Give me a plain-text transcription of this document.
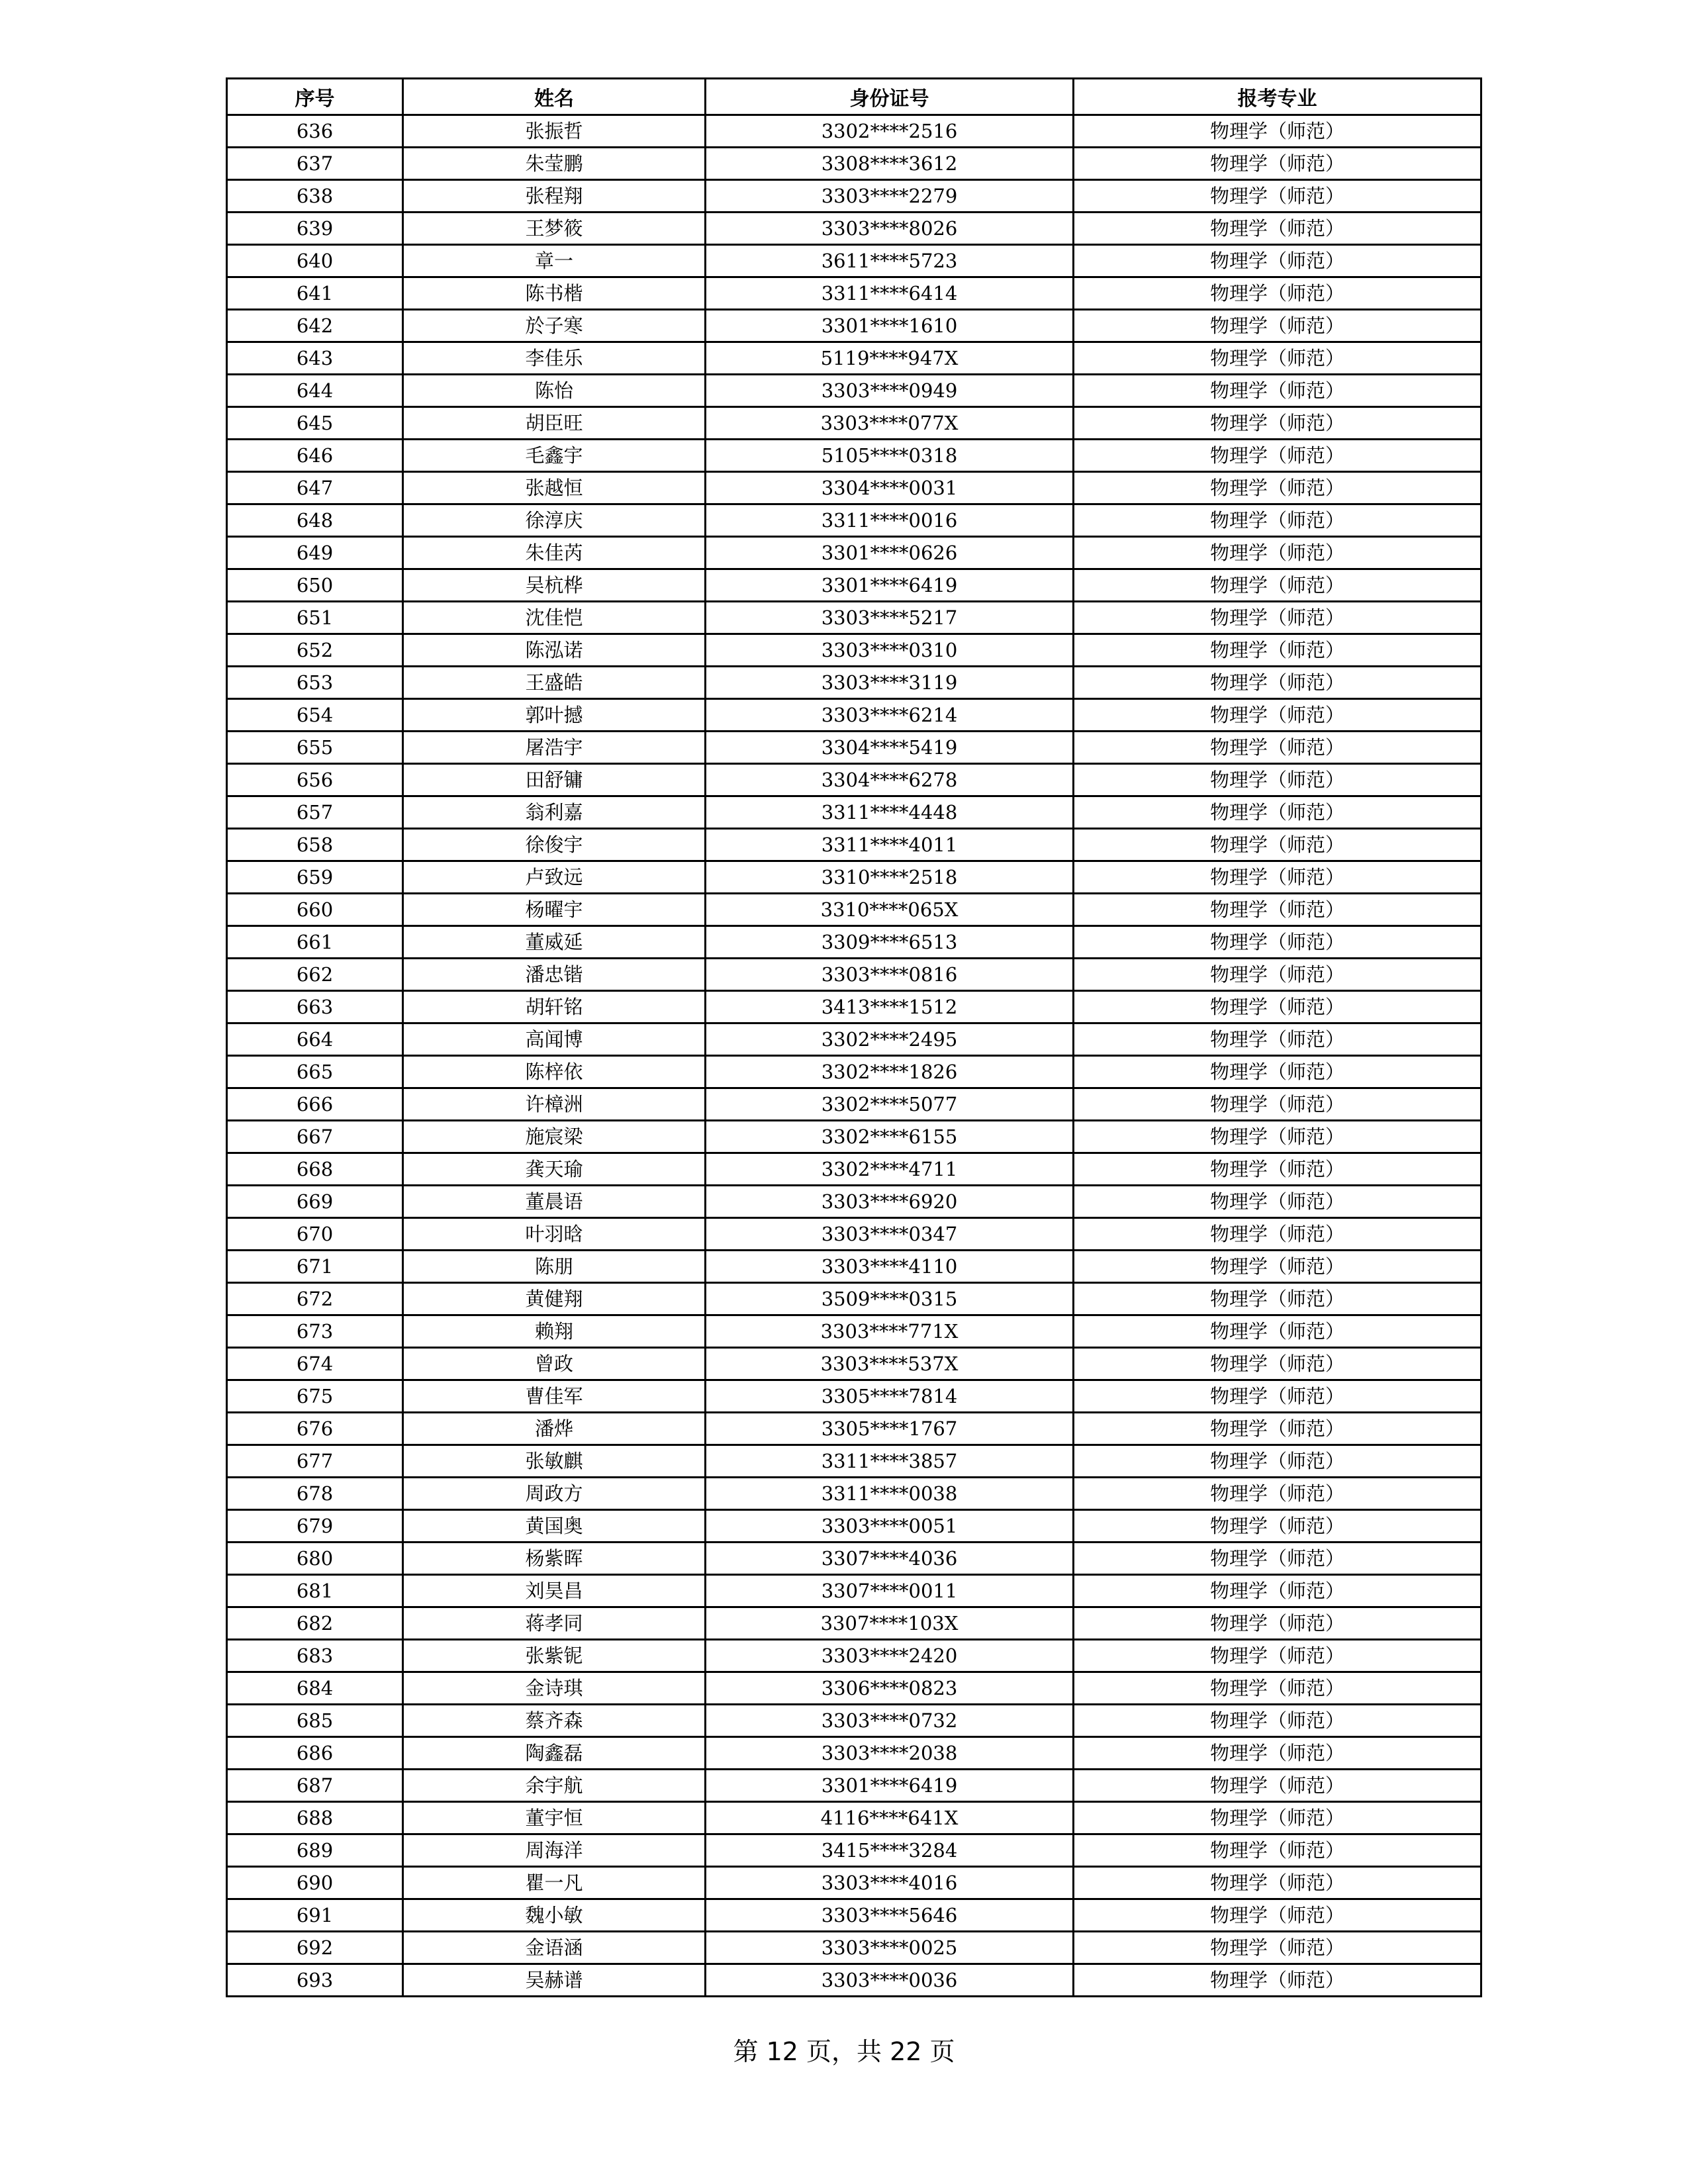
序号	姓名	身份证号	报考专业
636	张振哲	3302****2516	物理学（师范）
637	朱莹鹏	3308****3612	物理学（师范）
638	张程翔	3303****2279	物理学（师范）
639	王梦筱	3303****8026	物理学（师范）
640	章一	3611****5723	物理学（师范）
641	陈书楷	3311****6414	物理学（师范）
642	於子寒	3301****1610	物理学（师范）
643	李佳乐	5119****947X	物理学（师范）
644	陈怡	3303****0949	物理学（师范）
645	胡臣旺	3303****077X	物理学（师范）
646	毛鑫宇	5105****0318	物理学（师范）
647	张越恒	3304****0031	物理学（师范）
648	徐淳庆	3311****0016	物理学（师范）
649	朱佳芮	3301****0626	物理学（师范）
650	吴杭桦	3301****6419	物理学（师范）
651	沈佳恺	3303****5217	物理学（师范）
652	陈泓诺	3303****0310	物理学（师范）
653	王盛皓	3303****3119	物理学（师范）
654	郭叶撼	3303****6214	物理学（师范）
655	屠浩宇	3304****5419	物理学（师范）
656	田舒镛	3304****6278	物理学（师范）
657	翁利嘉	3311****4448	物理学（师范）
658	徐俊宇	3311****4011	物理学（师范）
659	卢致远	3310****2518	物理学（师范）
660	杨曜宇	3310****065X	物理学（师范）
661	董威延	3309****6513	物理学（师范）
662	潘忠锴	3303****0816	物理学（师范）
663	胡轩铭	3413****1512	物理学（师范）
664	高闻博	3302****2495	物理学（师范）
665	陈梓依	3302****1826	物理学（师范）
666	许樟洲	3302****5077	物理学（师范）
667	施宸梁	3302****6155	物理学（师范）
668	龚天瑜	3302****4711	物理学（师范）
669	董晨语	3303****6920	物理学（师范）
670	叶羽晗	3303****0347	物理学（师范）
671	陈朋	3303****4110	物理学（师范）
672	黄健翔	3509****0315	物理学（师范）
673	赖翔	3303****771X	物理学（师范）
674	曾政	3303****537X	物理学（师范）
675	曹佳军	3305****7814	物理学（师范）
676	潘烨	3305****1767	物理学（师范）
677	张敏麒	3311****3857	物理学（师范）
678	周政方	3311****0038	物理学（师范）
679	黄国奥	3303****0051	物理学（师范）
680	杨紫晖	3307****4036	物理学（师范）
681	刘昊昌	3307****0011	物理学（师范）
682	蒋孝同	3307****103X	物理学（师范）
683	张紫铌	3303****2420	物理学（师范）
684	金诗琪	3306****0823	物理学（师范）
685	蔡齐森	3303****0732	物理学（师范）
686	陶鑫磊	3303****2038	物理学（师范）
687	余宇航	3301****6419	物理学（师范）
688	董宇恒	4116****641X	物理学（师范）
689	周海洋	3415****3284	物理学（师范）
690	瞿一凡	3303****4016	物理学（师范）
691	魏小敏	3303****5646	物理学（师范）
692	金语涵	3303****0025	物理学（师范）
693	吴赫谱	3303****0036	物理学（师范）
第 12 页，共 22 页
